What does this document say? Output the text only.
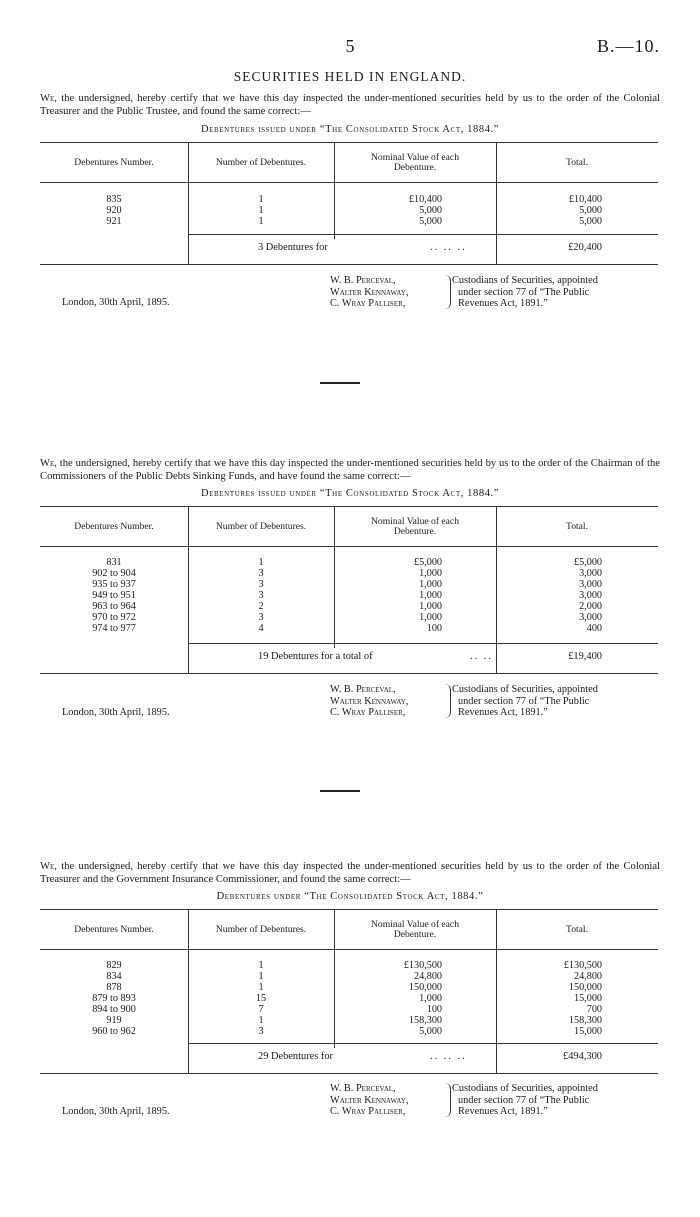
5	B.—10.
SECURITIES HELD IN ENGLAND.
We, the undersigned, hereby certify that we have this day inspected the under-mentioned securities held by us to the order of the Colonial Treasurer and the Public Trustee, and found the same correct:—
Debentures issued under “The Consolidated Stock Act, 1884.”
Debentures Number.	Number of Debentures.	Nominal Value of each
Debenture.	Total.
835	1	£10,400	£10,400
920	1	5,000	5,000
921	1	5,000	5,000
3 Debentures for	.. .. ..	£20,400
W. B. Perceval,
Walter Kennaway,
C. Wray Palliser,
Custodians of Securities, appointed
under section 77 of “The Public
Revenues Act, 1891.”
London, 30th April, 1895.
We, the undersigned, hereby certify that we have this day inspected the under-mentioned securities held by us to the order of the Chairman of the Commissioners of the Public Debts Sinking Funds, and have found the same correct:—
Debentures issued under “The Consolidated Stock Act, 1884.”
Debentures Number.	Number of Debentures.	Nominal Value of each
Debenture.	Total.
831	1	£5,000	£5,000
902 to 904	3	1,000	3,000
935 to 937	3	1,000	3,000
949 to 951	3	1,000	3,000
963 to 964	2	1,000	2,000
970 to 972	3	1,000	3,000
974 to 977	4	100	400
19 Debentures for a total of	.. ..	£19,400
W. B. Perceval,
Walter Kennaway,
C. Wray Palliser,
Custodians of Securities, appointed
under section 77 of “The Public
Revenues Act, 1891.”
London, 30th April, 1895.
We, the undersigned, hereby certify that we have this day inspected the under-mentioned securities held by us to the order of the Colonial Treasurer and the Government Insurance Commissioner, and found the same correct:—
Debentures under “The Consolidated Stock Act, 1884.”
Debentures Number.	Number of Debentures.	Nominal Value of each
Debenture.	Total.
829	1	£130,500	£130,500
834	1	24,800	24,800
878	1	150,000	150,000
879 to 893	15	1,000	15,000
894 to 900	7	100	700
919	1	158,300	158,300
960 to 962	3	5,000	15,000
29 Debentures for	.. .. ..	£494,300
W. B. Perceval,
Walter Kennaway,
C. Wray Palliser,
Custodians of Securities, appointed
under section 77 of “The Public
Revenues Act, 1891.”
London, 30th April, 1895.
